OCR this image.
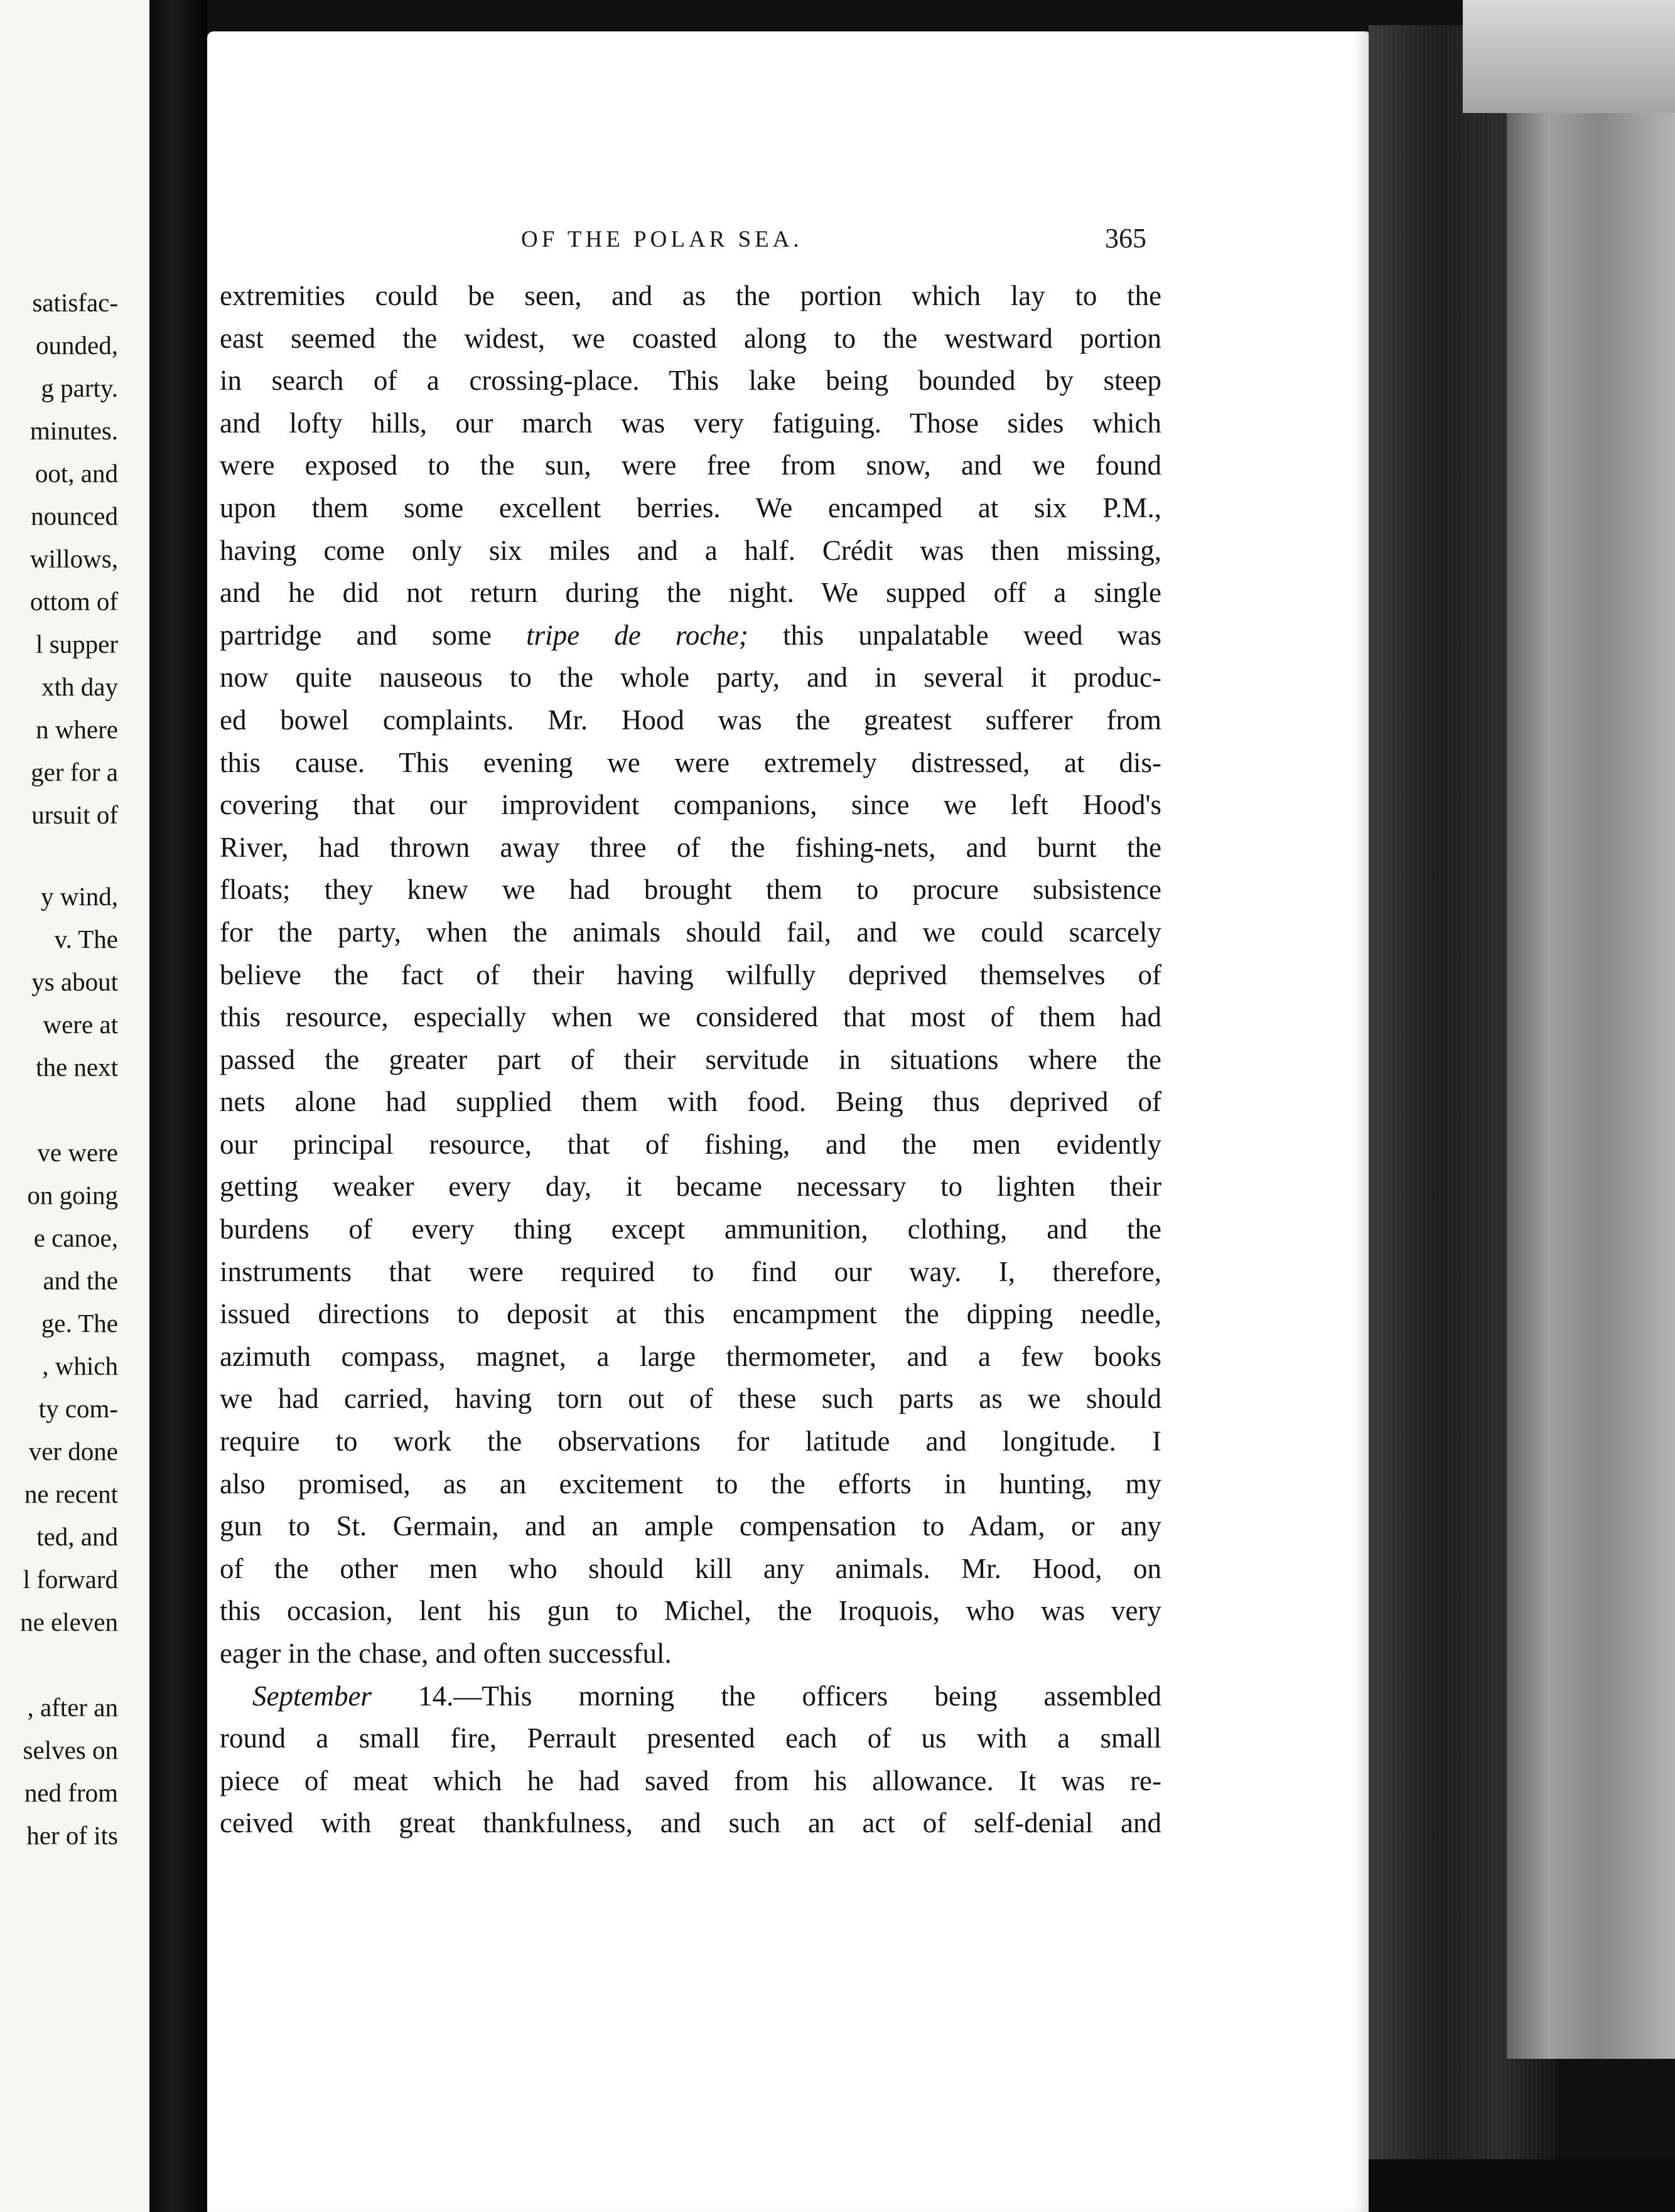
satisfac-

ounded,

g party.

minutes.

oot, and

nounced

willows,

ottom of

l supper

xth day

n where

ger for a

ursuit of

y wind,

v. The

ys about

were at

the next

ve were

on going

e canoe,

and the

ge. The

, which

ty com-

ver done

ne recent

ted, and

l forward

ne eleven

, after an

selves on

ned from

her of its

OF THE POLAR SEA.	365

extremities could be seen, and as the portion which lay to the

east seemed the widest, we coasted along to the westward portion

in search of a crossing-place. This lake being bounded by steep

and lofty hills, our march was very fatiguing. Those sides which

were exposed to the sun, were free from snow, and we found

upon them some excellent berries. We encamped at six P.M.,

having come only six miles and a half. Crédit was then missing,

and he did not return during the night. We supped off a single

partridge and some tripe de roche; this unpalatable weed was

now quite nauseous to the whole party, and in several it produc-

ed bowel complaints. Mr. Hood was the greatest sufferer from

this cause. This evening we were extremely distressed, at dis-

covering that our improvident companions, since we left Hood's

River, had thrown away three of the fishing-nets, and burnt the

floats; they knew we had brought them to procure subsistence

for the party, when the animals should fail, and we could scarcely

believe the fact of their having wilfully deprived themselves of

this resource, especially when we considered that most of them had

passed the greater part of their servitude in situations where the

nets alone had supplied them with food. Being thus deprived of

our principal resource, that of fishing, and the men evidently

getting weaker every day, it became necessary to lighten their

burdens of every thing except ammunition, clothing, and the

instruments that were required to find our way. I, therefore,

issued directions to deposit at this encampment the dipping needle,

azimuth compass, magnet, a large thermometer, and a few books

we had carried, having torn out of these such parts as we should

require to work the observations for latitude and longitude. I

also promised, as an excitement to the efforts in hunting, my

gun to St. Germain, and an ample compensation to Adam, or any

of the other men who should kill any animals. Mr. Hood, on

this occasion, lent his gun to Michel, the Iroquois, who was very

eager in the chase, and often successful.

September 14.—This morning the officers being assembled

round a small fire, Perrault presented each of us with a small

piece of meat which he had saved from his allowance. It was re-

ceived with great thankfulness, and such an act of self-denial and
